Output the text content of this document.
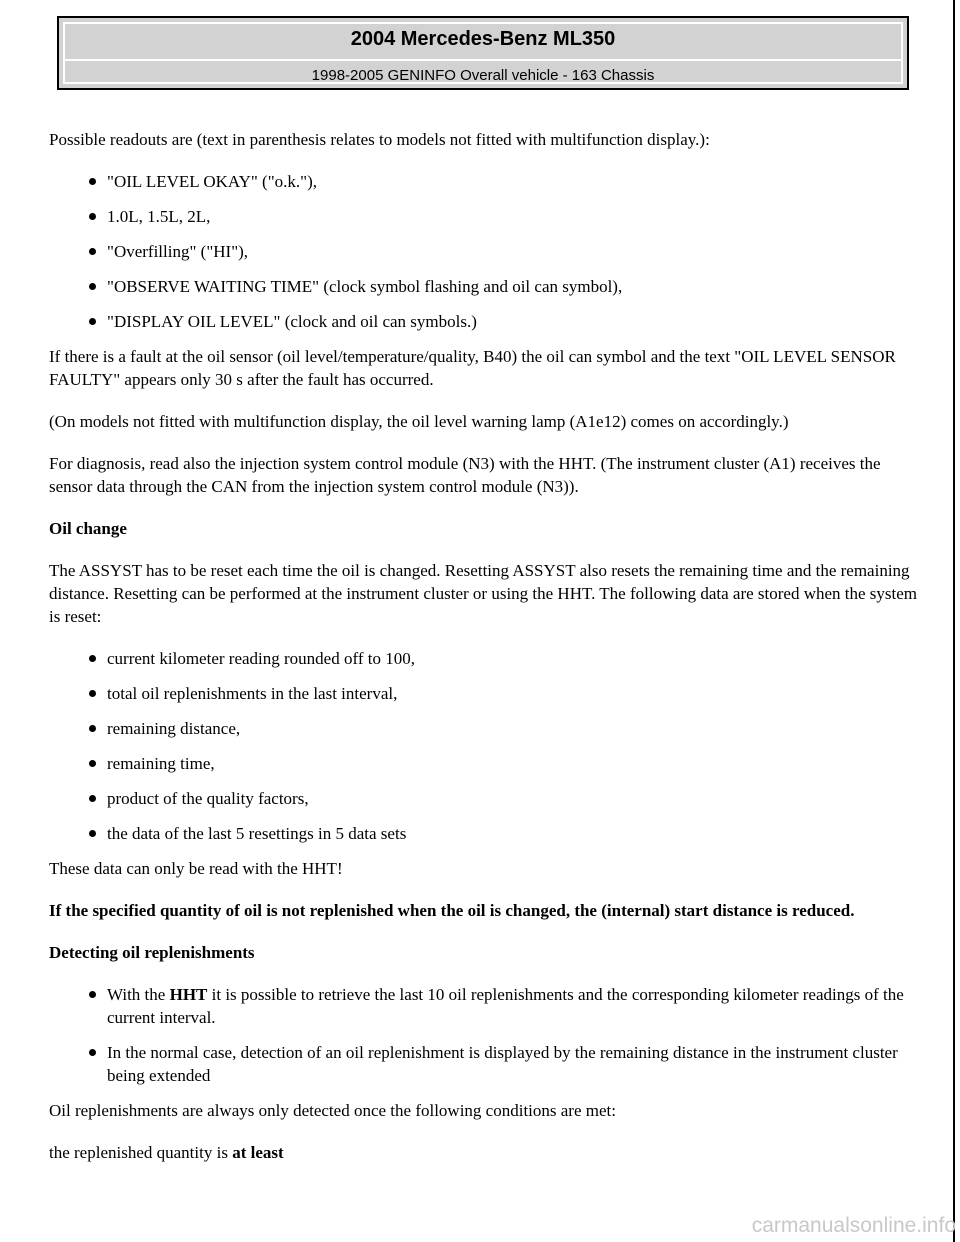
2004 Mercedes-Benz ML350
1998-2005 GENINFO Overall vehicle - 163 Chassis

Possible readouts are (text in parenthesis relates to models not fitted with multifunction display.):

"OIL LEVEL OKAY" ("o.k."),
1.0L, 1.5L, 2L,
"Overfilling" ("HI"),
"OBSERVE WAITING TIME" (clock symbol flashing and oil can symbol),
"DISPLAY OIL LEVEL" (clock and oil can symbols.)

If there is a fault at the oil sensor (oil level/temperature/quality, B40) the oil can symbol and the text "OIL LEVEL SENSOR FAULTY" appears only 30 s after the fault has occurred.

(On models not fitted with multifunction display, the oil level warning lamp (A1e12) comes on accordingly.)

For diagnosis, read also the injection system control module (N3) with the HHT. (The instrument cluster (A1) receives the sensor data through the CAN from the injection system control module (N3)).

Oil change

The ASSYST has to be reset each time the oil is changed. Resetting ASSYST also resets the remaining time and the remaining distance. Resetting can be performed at the instrument cluster or using the HHT. The following data are stored when the system is reset:

current kilometer reading rounded off to 100,
total oil replenishments in the last interval,
remaining distance,
remaining time,
product of the quality factors,
the data of the last 5 resettings in 5 data sets

These data can only be read with the HHT!

If the specified quantity of oil is not replenished when the oil is changed, the (internal) start distance is reduced.

Detecting oil replenishments

With the HHT it is possible to retrieve the last 10 oil replenishments and the corresponding kilometer readings of the current interval.
In the normal case, detection of an oil replenishment is displayed by the remaining distance in the instrument cluster being extended

Oil replenishments are always only detected once the following conditions are met:

the replenished quantity is at least

carmanualsonline.info
